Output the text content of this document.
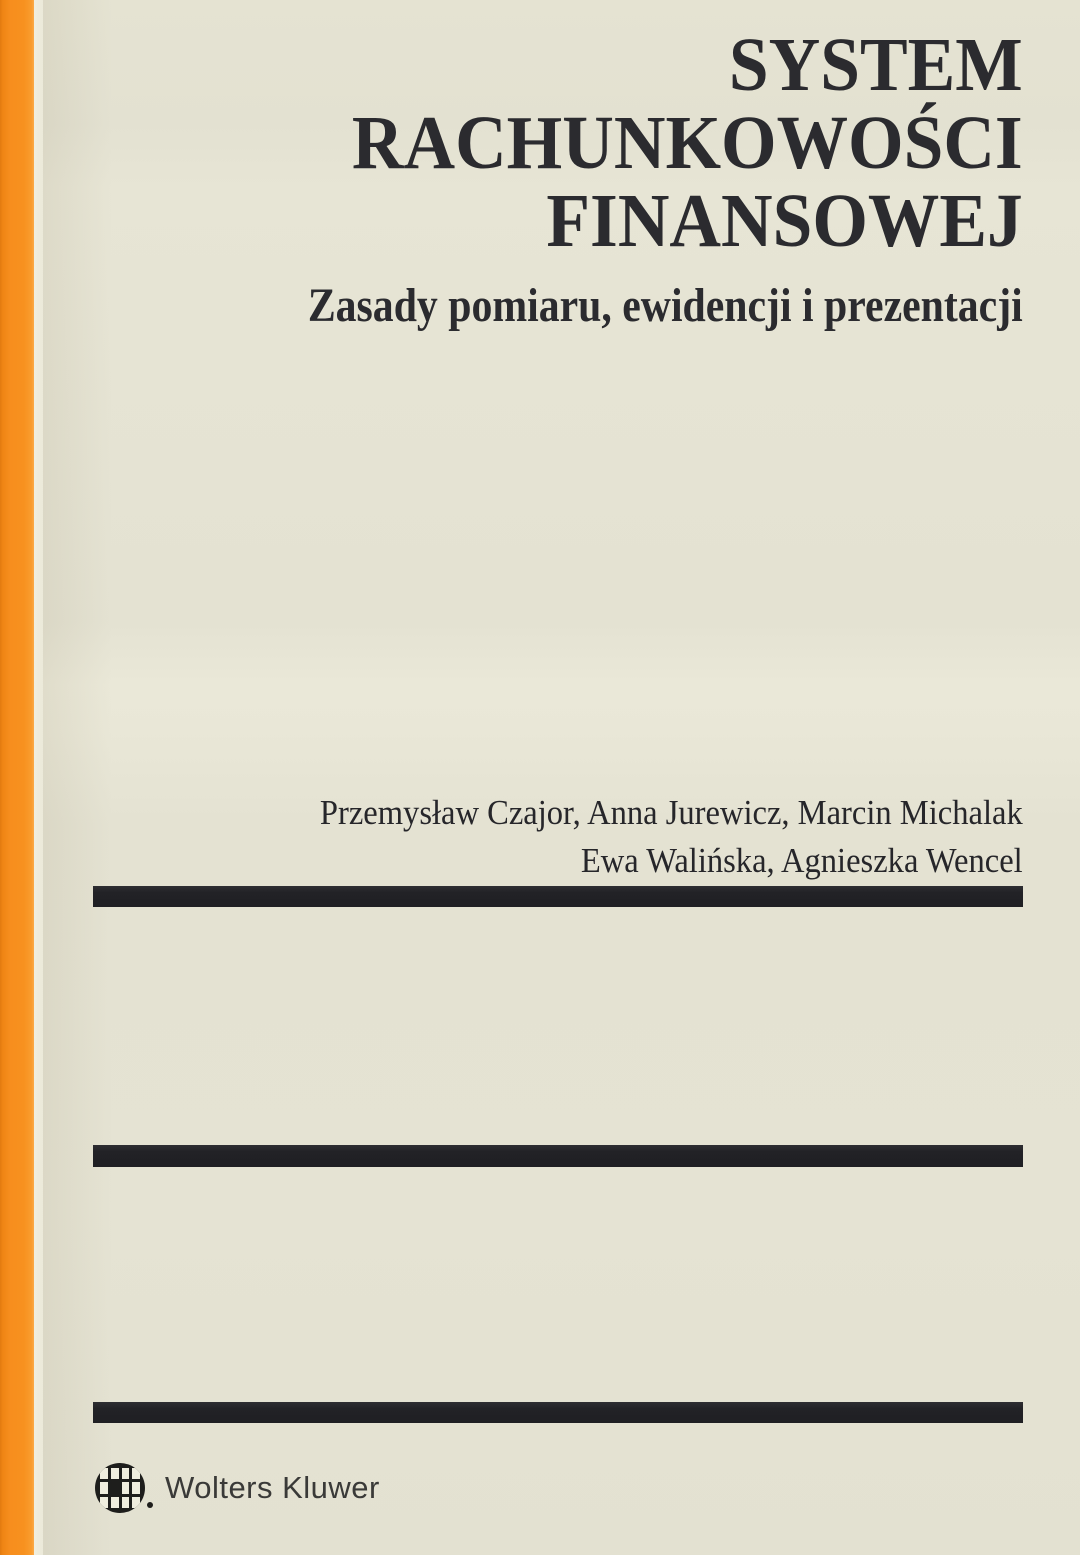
SYSTEM
RACHUNKOWOŚCI
FINANSOWEJ
Zasady pomiaru, ewidencji i prezentacji
Przemysław Czajor, Anna Jurewicz, Marcin Michalak
Ewa Walińska, Agnieszka Wencel
Wolters Kluwer
